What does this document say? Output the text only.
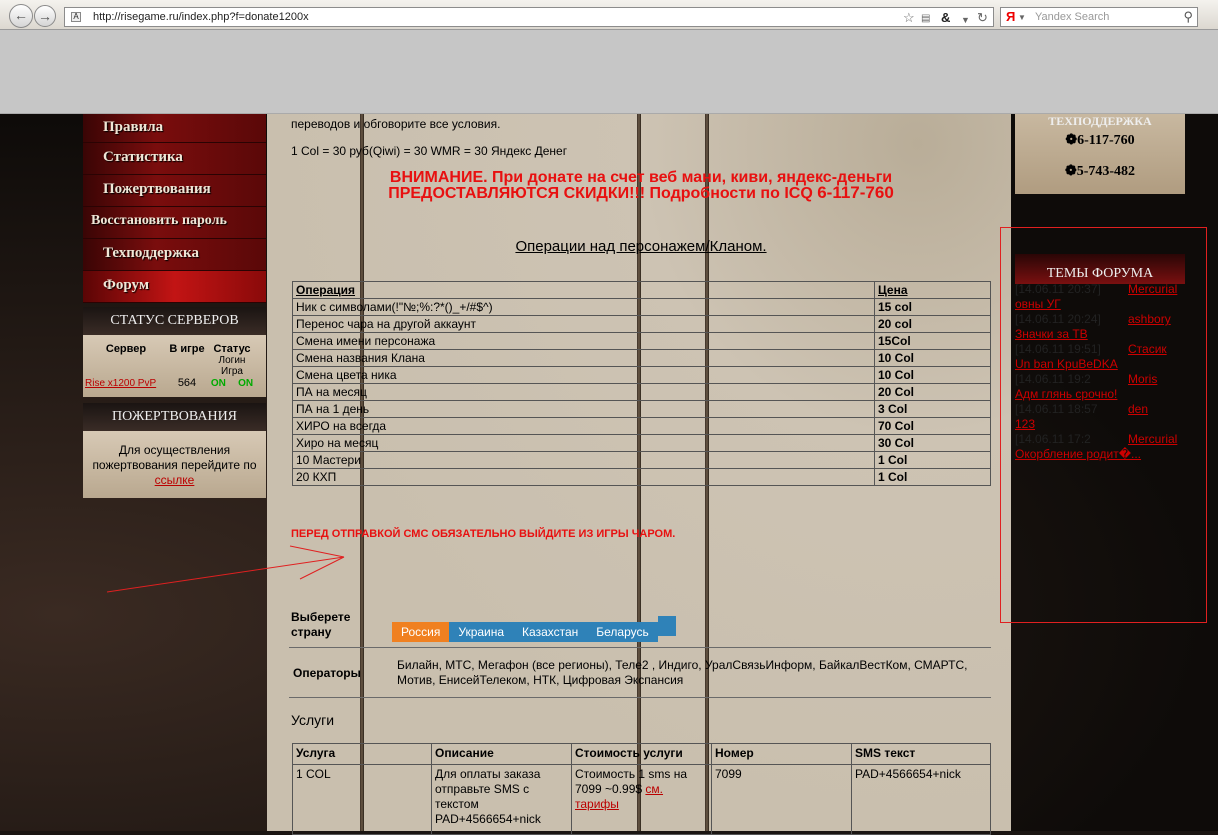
← →	A http://risegame.ru/index.php?f=donate1200x	☆ ▤ & ▼ ↻ Я ▼ Yandex Search	⚲
Правила
Статистика
Пожертвования
Восстановить пароль
Техподдержка
Форум
СТАТУС СЕРВЕРОВ
Сервер	В игре Статус
Логин Игра
Rise x1200 PvP	564	ON ON
ПОЖЕРТВОВАНИЯ
Для осуществления пожертвования перейдите по ссылке
переводов и обговорите все условия.
1 Col = 30 руб(Qiwi) = 30 WMR = 30 Яндекс Денег
ВНИМАНИЕ. При донате на счет веб мани, киви, яндекс-деньги
ПРЕДОСТАВЛЯЮТСЯ СКИДКИ!!! Подробности по ICQ 6-117-760
Операции над персонажем/Кланом.
Операция	Цена
Ник с символами(!"№;%:?*()_+/#$^)	15 col
Перенос чара на другой аккаунт	20 col
Смена имени персонажа	15Col
Смена названия Клана	10 Col
Смена цвета ника	10 Col
ПА на месяц	20 Col
ПА на 1 день	3 Col
ХИРО на всегда	70 Col
Хиро на месяц	30 Col
10 Мастери	1 Col
20 КХП	1 Col
ПЕРЕД ОТПРАВКОЙ СМС ОБЯЗАТЕЛЬНО ВЫЙДИТЕ ИЗ ИГРЫ ЧАРОМ.
Выберете страну	Россия Украина Казахстан Беларусь
Операторы
Билайн, МТС, Мегафон (все регионы), Теле2 , Индиго, УралСвязьИнформ, БайкалВестКом, СМАРТС, Мотив, ЕнисейТелеком, НТК, Цифровая Экспансия
Услуги
Услуга	Описание	Стоимость услуги	Номер	SMS текст
1 COL	Для оплаты заказа отправьте SMS с текстом PAD+4566654+nick	Стоимость 1 sms на 7099 ~0.99$ см. тарифы	7099	PAD+4566654+nick
ТЕХПОДДЕРЖКА
❁6-117-760
❁5-743-482
ТЕМЫ ФОРУМА
[14.06.11 20:37] Mercurial
овны УГ
[14.06.11 20:24] ashbory
Значки за ТВ
[14.06.11 19:51] Стасик
Un ban KpuBeDKA
[14.06.11 19:2	Moris
Адм глянь срочно!
[14.06.11 18:57	den
123
[14.06.11 17:2	Mercurial
Окорбление родит�...
